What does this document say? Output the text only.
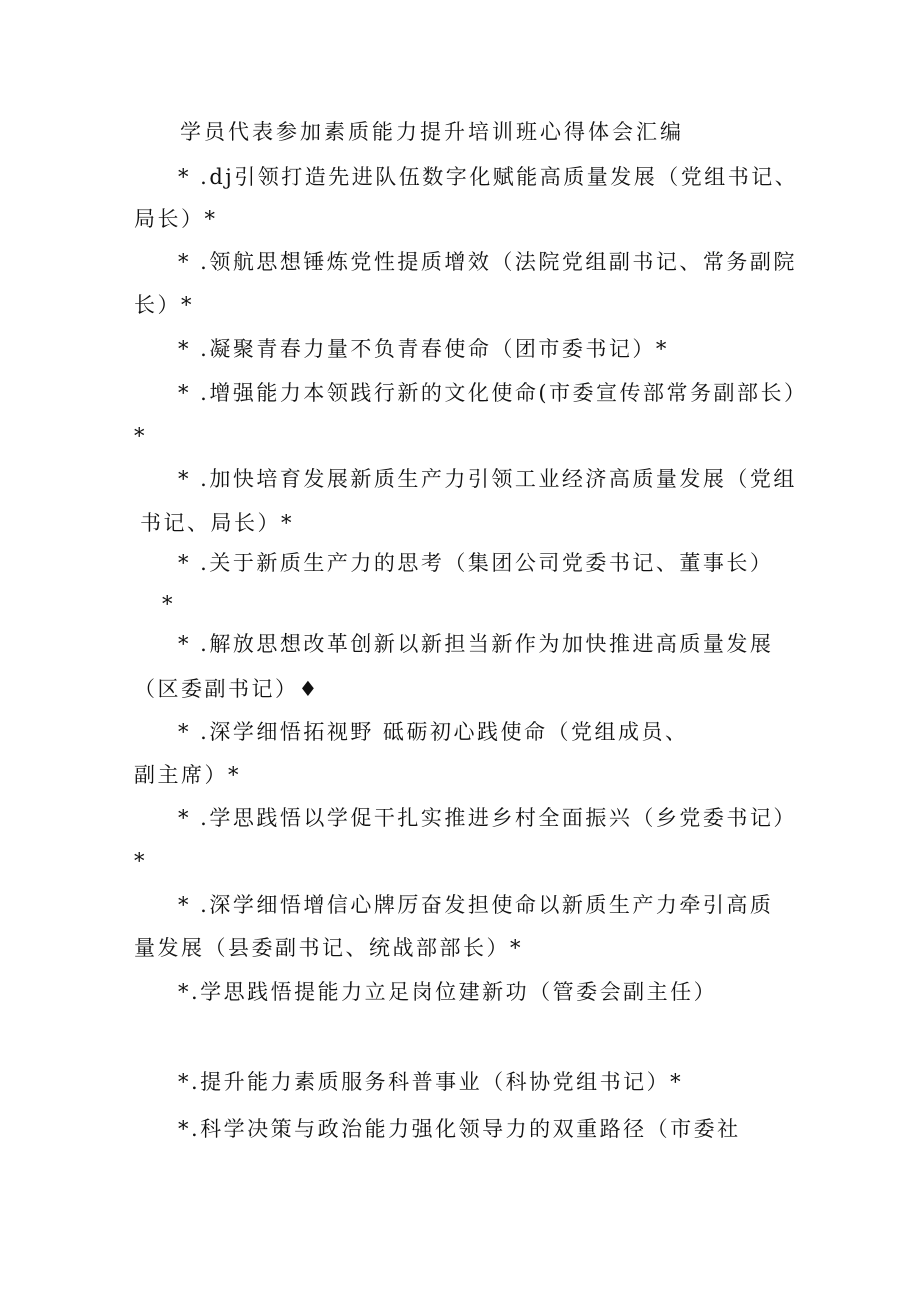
学员代表参加素质能力提升培训班心得体会汇编
* .dj引领打造先进队伍数字化赋能高质量发展（党组书记、
局长）*
* .领航思想锤炼党性提质增效（法院党组副书记、常务副院
长）*
* .凝聚青春力量不负青春使命（团市委书记）*
* .增强能力本领践行新的文化使命(市委宣传部常务副部长）
*
* .加快培育发展新质生产力引领工业经济高质量发展（党组
书记、局长）*
* .关于新质生产力的思考（集团公司党委书记、董事长）
*
* .解放思想改革创新以新担当新作为加快推进高质量发展
（区委副书记）♦
* .深学细悟拓视野 砥砺初心践使命（党组成员、
副主席）*
* .学思践悟以学促干扎实推进乡村全面振兴（乡党委书记）
*
* .深学细悟增信心牌厉奋发担使命以新质生产力牵引高质
量发展（县委副书记、统战部部长）*
*.学思践悟提能力立足岗位建新功（管委会副主任）
*.提升能力素质服务科普事业（科协党组书记）*
*.科学决策与政治能力强化领导力的双重路径（市委社
